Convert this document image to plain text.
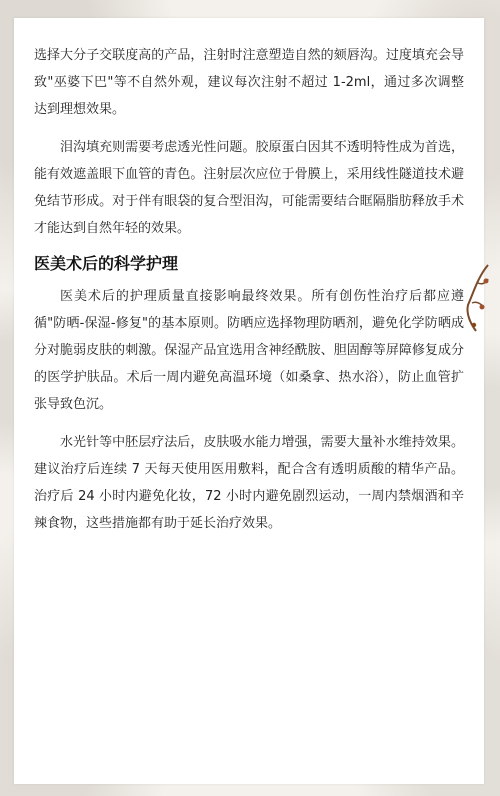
选择大分子交联度高的产品，注射时注意塑造自然的颏唇沟。过度填充会导致"巫婆下巴"等不自然外观，建议每次注射不超过 1-2ml，通过多次调整达到理想效果。

泪沟填充则需要考虑透光性问题。胶原蛋白因其不透明特性成为首选，能有效遮盖眼下血管的青色。注射层次应位于骨膜上，采用线性隧道技术避免结节形成。对于伴有眼袋的复合型泪沟，可能需要结合眶隔脂肪释放手术才能达到自然年轻的效果。

医美术后的科学护理

医美术后的护理质量直接影响最终效果。所有创伤性治疗后都应遵循"防晒-保湿-修复"的基本原则。防晒应选择物理防晒剂，避免化学防晒成分对脆弱皮肤的刺激。保湿产品宜选用含神经酰胺、胆固醇等屏障修复成分的医学护肤品。术后一周内避免高温环境（如桑拿、热水浴），防止血管扩张导致色沉。

水光针等中胚层疗法后，皮肤吸水能力增强，需要大量补水维持效果。建议治疗后连续 7 天每天使用医用敷料，配合含有透明质酸的精华产品。治疗后 24 小时内避免化妆，72 小时内避免剧烈运动，一周内禁烟酒和辛辣食物，这些措施都有助于延长治疗效果。
